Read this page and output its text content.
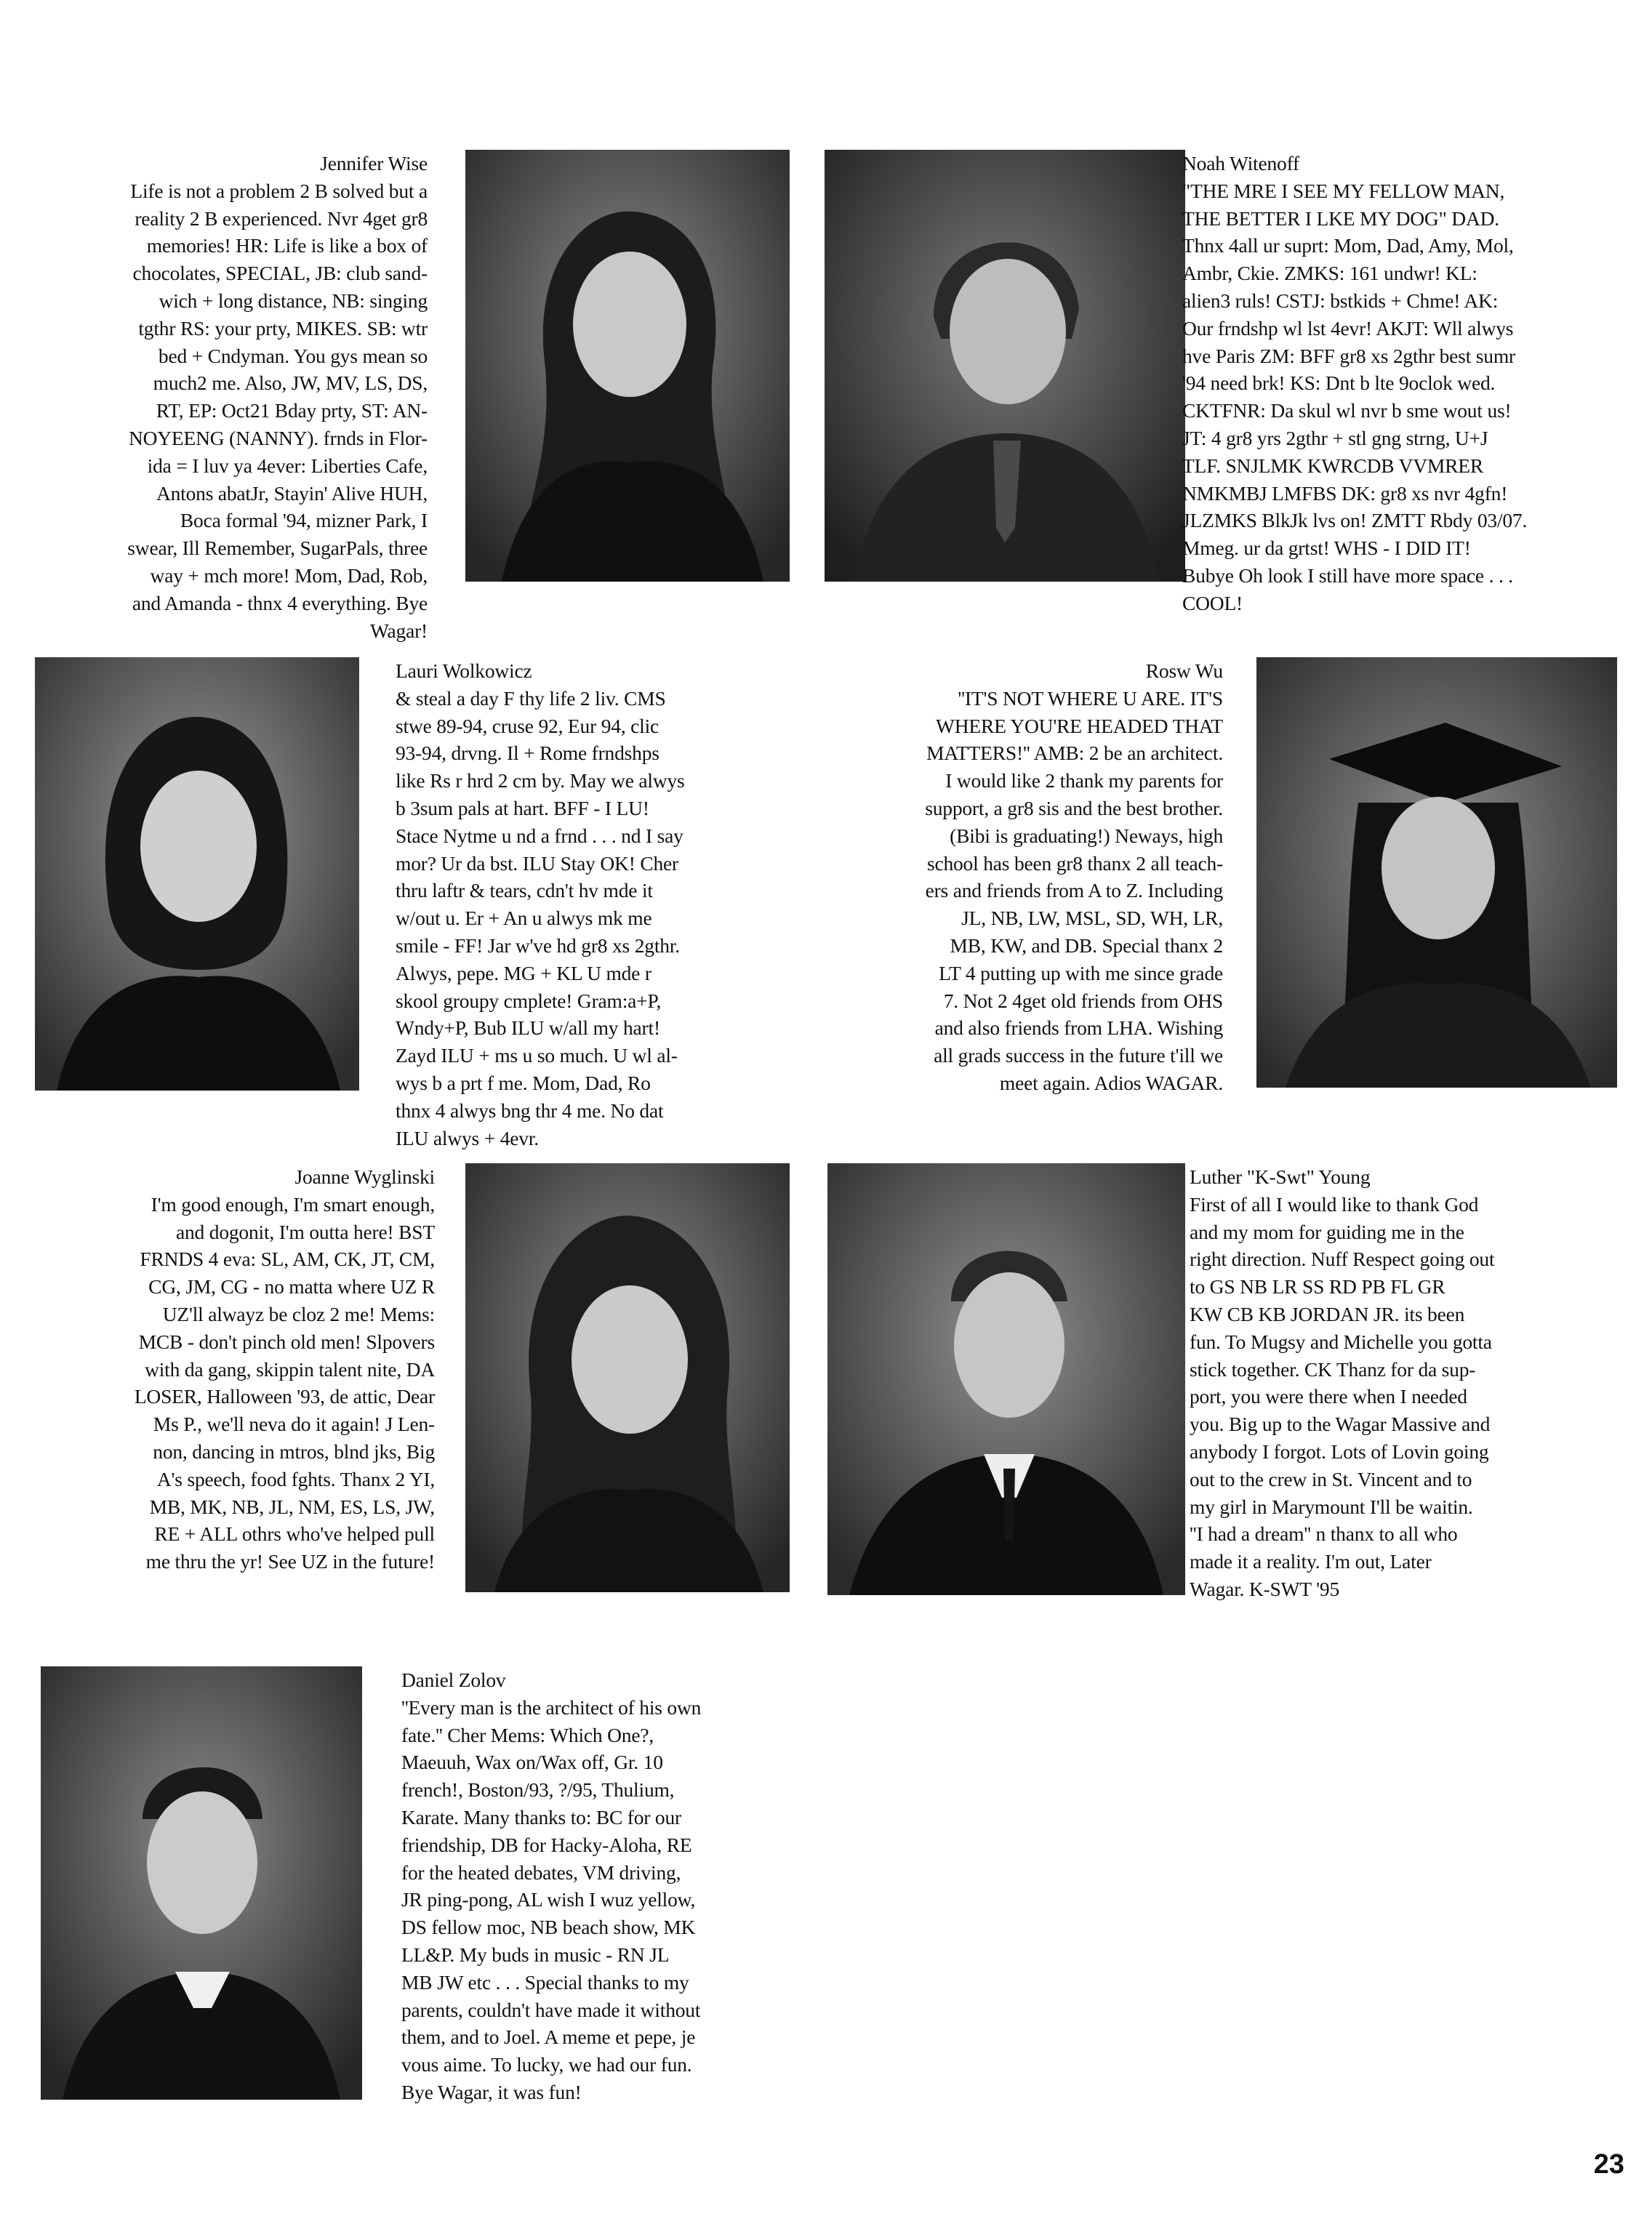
Jennifer Wise
Life is not a problem 2 B solved but a
reality 2 B experienced. Nvr 4get gr8
memories! HR: Life is like a box of
chocolates, SPECIAL, JB: club sand-
wich + long distance, NB: singing
tgthr RS: your prty, MIKES. SB: wtr
bed + Cndyman. You gys mean so
much2 me. Also, JW, MV, LS, DS,
RT, EP: Oct21 Bday prty, ST: AN-
NOYEENG (NANNY). frnds in Flor-
ida = I luv ya 4ever: Liberties Cafe,
Antons abatJr, Stayin' Alive HUH,
Boca formal '94, mizner Park, I
swear, Ill Remember, SugarPals, three
way + mch more! Mom, Dad, Rob,
and Amanda - thnx 4 everything. Bye
Wagar!
Noah Witenoff
"THE MRE I SEE MY FELLOW MAN,
THE BETTER I LKE MY DOG" DAD.
Thnx 4all ur suprt: Mom, Dad, Amy, Mol,
Ambr, Ckie. ZMKS: 161 undwr! KL:
alien3 ruls! CSTJ: bstkids + Chme! AK:
Our frndshp wl lst 4evr! AKJT: Wll alwys
hve Paris ZM: BFF gr8 xs 2gthr best sumr
'94 need brk! KS: Dnt b lte 9oclok wed.
CKTFNR: Da skul wl nvr b sme wout us!
JT: 4 gr8 yrs 2gthr + stl gng strng, U+J
TLF. SNJLMK KWRCDB VVMRER
NMKMBJ LMFBS DK: gr8 xs nvr 4gfn!
JLZMKS BlkJk lvs on! ZMTT Rbdy 03/07.
Mmeg. ur da grtst! WHS - I DID IT!
Bubye Oh look I still have more space . . .
COOL!
Lauri Wolkowicz
& steal a day F thy life 2 liv. CMS
stwe 89-94, cruse 92, Eur 94, clic
93-94, drvng. Il + Rome frndshps
like Rs r hrd 2 cm by. May we alwys
b 3sum pals at hart. BFF - I LU!
Stace Nytme u nd a frnd . . . nd I say
mor? Ur da bst. ILU Stay OK! Cher
thru laftr & tears, cdn't hv mde it
w/out u. Er + An u alwys mk me
smile - FF! Jar w've hd gr8 xs 2gthr.
Alwys, pepe. MG + KL U mde r
skool groupy cmplete! Gram:a+P,
Wndy+P, Bub ILU w/all my hart!
Zayd ILU + ms u so much. U wl al-
wys b a prt f me. Mom, Dad, Ro
thnx 4 alwys bng thr 4 me. No dat
ILU alwys + 4evr.
Rosw Wu
''IT'S NOT WHERE U ARE. IT'S
WHERE YOU'RE HEADED THAT
MATTERS!'' AMB: 2 be an architect.
I would like 2 thank my parents for
support, a gr8 sis and the best brother.
(Bibi is graduating!) Neways, high
school has been gr8 thanx 2 all teach-
ers and friends from A to Z. Including
JL, NB, LW, MSL, SD, WH, LR,
MB, KW, and DB. Special thanx 2
LT 4 putting up with me since grade
7. Not 2 4get old friends from OHS
and also friends from LHA. Wishing
all grads success in the future t'ill we
meet again. Adios WAGAR.
Joanne Wyglinski
I'm good enough, I'm smart enough,
and dogonit, I'm outta here! BST
FRNDS 4 eva: SL, AM, CK, JT, CM,
CG, JM, CG - no matta where UZ R
UZ'll alwayz be cloz 2 me! Mems:
MCB - don't pinch old men! Slpovers
with da gang, skippin talent nite, DA
LOSER, Halloween '93, de attic, Dear
Ms P., we'll neva do it again! J Len-
non, dancing in mtros, blnd jks, Big
A's speech, food fghts. Thanx 2 YI,
MB, MK, NB, JL, NM, ES, LS, JW,
RE + ALL othrs who've helped pull
me thru the yr! See UZ in the future!
Luther "K-Swt" Young
First of all I would like to thank God
and my mom for guiding me in the
right direction. Nuff Respect going out
to GS NB LR SS RD PB FL GR
KW CB KB JORDAN JR. its been
fun. To Mugsy and Michelle you gotta
stick together. CK Thanz for da sup-
port, you were there when I needed
you. Big up to the Wagar Massive and
anybody I forgot. Lots of Lovin going
out to the crew in St. Vincent and to
my girl in Marymount I'll be waitin.
''I had a dream'' n thanx to all who
made it a reality. I'm out, Later
Wagar. K-SWT '95
Daniel Zolov
''Every man is the architect of his own
fate.'' Cher Mems: Which One?,
Maeuuh, Wax on/Wax off, Gr. 10
french!, Boston/93, ?/95, Thulium,
Karate. Many thanks to: BC for our
friendship, DB for Hacky-Aloha, RE
for the heated debates, VM driving,
JR ping-pong, AL wish I wuz yellow,
DS fellow moc, NB beach show, MK
LL&P. My buds in music - RN JL
MB JW etc . . . Special thanks to my
parents, couldn't have made it without
them, and to Joel. A meme et pepe, je
vous aime. To lucky, we had our fun.
Bye Wagar, it was fun!
23
